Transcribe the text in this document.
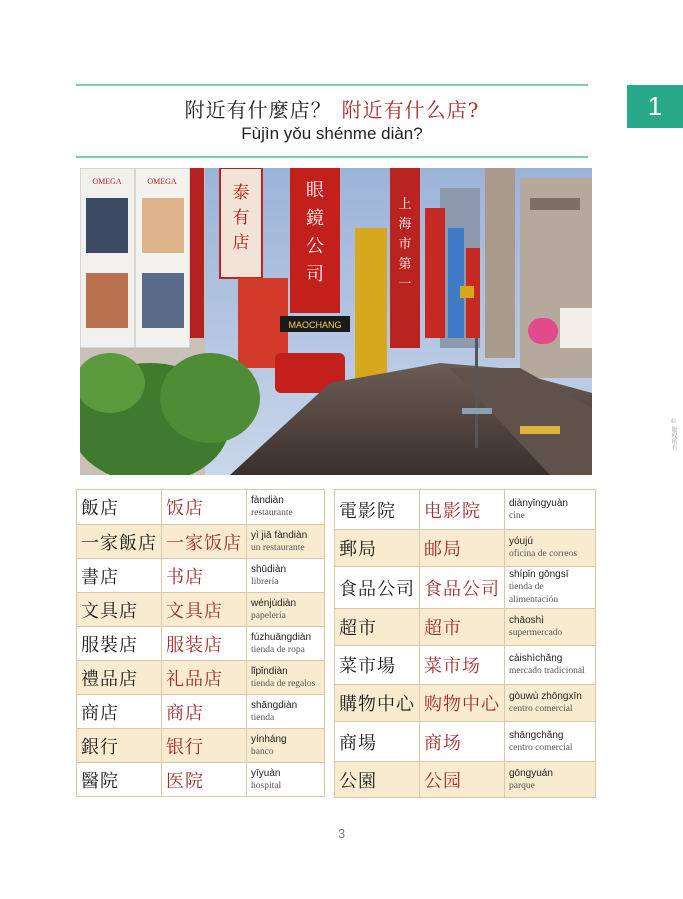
附近有什麼店？ 附近有什么店?
Fùjìn yǒu shénme diàn?
1
© 版权所有
OMEGA	OMEGA
泰
有
店
眼
鏡
公
司
MAOCHANG
上
海
市
第
一
飯店	饭店	fàndiàn
restaurante

一家飯店	一家饭店	yì jiā fàndiàn
un restaurante

書店	书店	shūdiàn
librería

文具店	文具店	wénjùdiàn
papelería

服裝店	服装店	fúzhuāngdiàn
tienda de ropa

禮品店	礼品店	lǐpǐndiàn
tienda de regalos

商店	商店	shāngdiàn
tienda

銀行	银行	yínháng
banco

醫院	医院	yīyuàn
hospital
電影院	电影院	diànyǐngyuàn
cine

郵局	邮局	yóujú
oficina de correos

食品公司	食品公司	shípǐn gōngsī
tienda de alimentación

超市	超市	chāoshì
supermercado

菜市場	菜市场	càishìchǎng
mercado tradicional

購物中心	购物中心	gòuwù zhōngxīn
centro comercial

商場	商场	shāngchǎng
centro comercial

公園	公园	gōngyuán
parque
3
